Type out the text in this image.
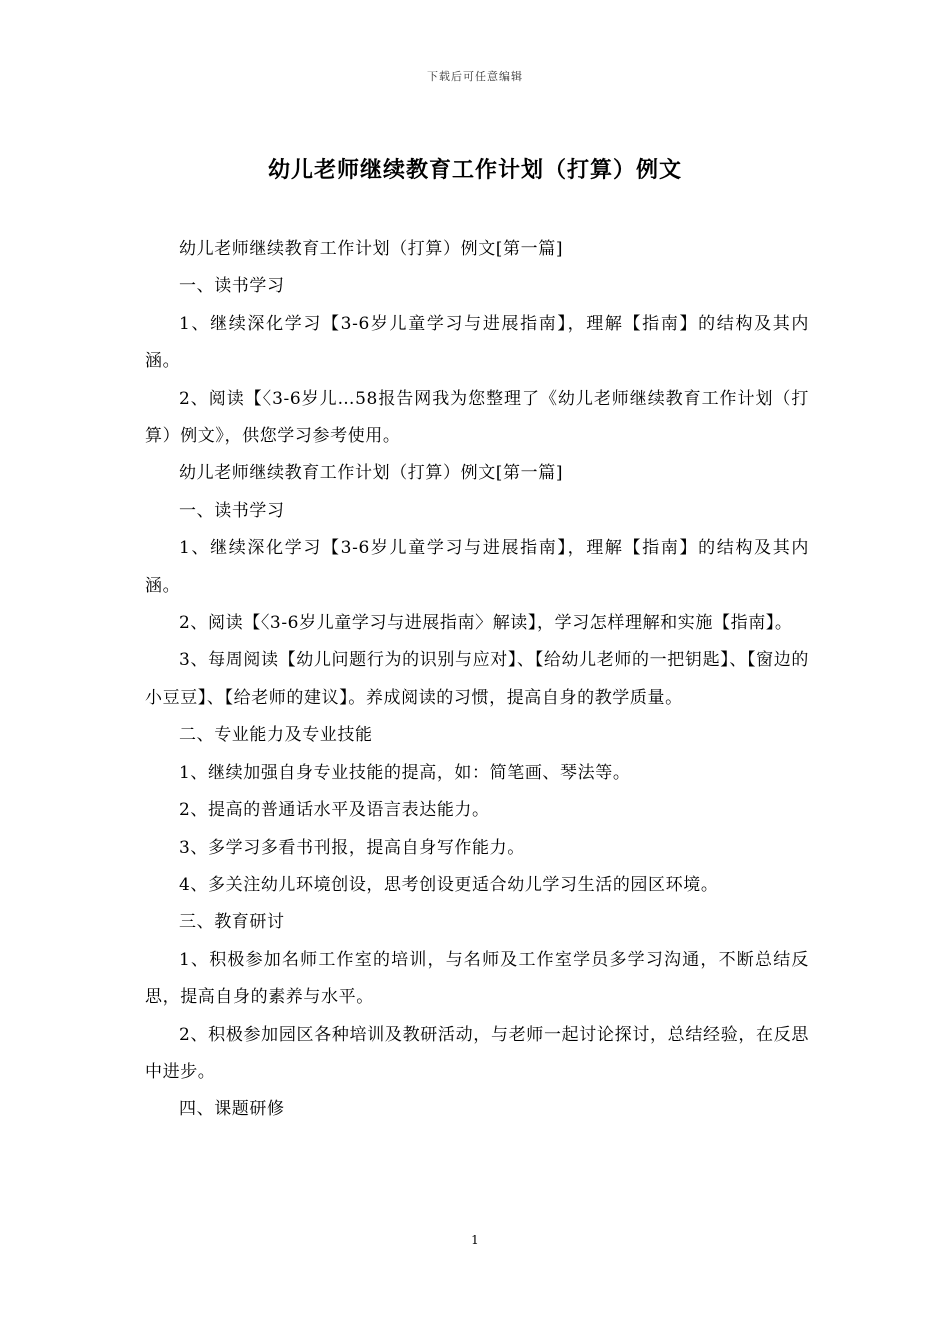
下载后可任意编辑
幼儿老师继续教育工作计划（打算）例文

幼儿老师继续教育工作计划（打算）例文[第一篇]

一、读书学习

1、继续深化学习【3-6岁儿童学习与进展指南】，理解【指南】的结构及其内涵。

2、阅读【〈3-6岁儿…58报告网我为您整理了《幼儿老师继续教育工作计划（打算）例文》，供您学习参考使用。

幼儿老师继续教育工作计划（打算）例文[第一篇]

一、读书学习

1、继续深化学习【3-6岁儿童学习与进展指南】，理解【指南】的结构及其内涵。

2、阅读【〈3-6岁儿童学习与进展指南〉解读】，学习怎样理解和实施【指南】。

3、每周阅读【幼儿问题行为的识别与应对】、【给幼儿老师的一把钥匙】、【窗边的小豆豆】、【给老师的建议】。养成阅读的习惯，提高自身的教学质量。

二、专业能力及专业技能

1、继续加强自身专业技能的提高，如：简笔画、琴法等。

2、提高的普通话水平及语言表达能力。

3、多学习多看书刊报，提高自身写作能力。

4、多关注幼儿环境创设，思考创设更适合幼儿学习生活的园区环境。

三、教育研讨

1、积极参加名师工作室的培训，与名师及工作室学员多学习沟通，不断总结反思，提高自身的素养与水平。

2、积极参加园区各种培训及教研活动，与老师一起讨论探讨，总结经验，在反思中进步。

四、课题研修

1
